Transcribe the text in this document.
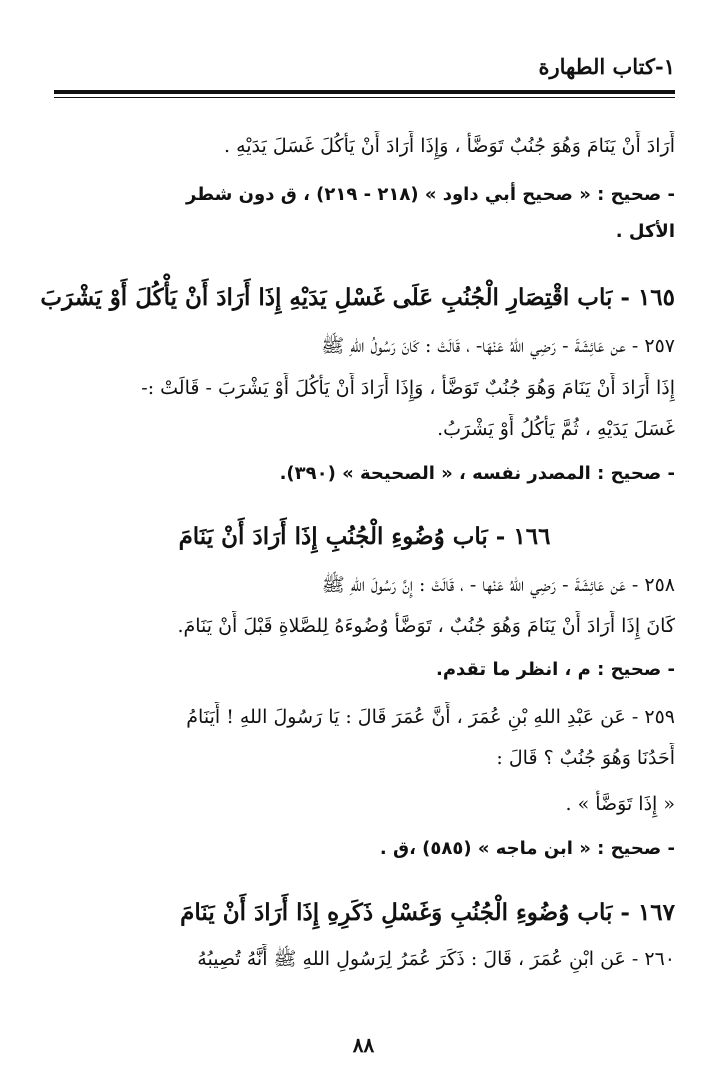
١-كتاب الطهارة
أَرَادَ أَنْ يَنَامَ وَهُوَ جُنُبٌ تَوَضَّأَ ، وَإِذَا أَرَادَ أَنْ يَأْكُلَ غَسَلَ يَدَيْهِ .
- صحيح : « صحيح أبي داود » (٢١٨ - ٢١٩) ، ق دون شطر
الأكل .
١٦٥ - بَاب اقْتِصَارِ الْجُنُبِ عَلَى غَسْلِ يَدَيْهِ إِذَا أَرَادَ أَنْ يَأْكُلَ أَوْ يَشْرَبَ
٢٥٧ - عن عَائِشَةَ - رَضِي اللهُ عَنْهَا- ، قَالَتْ : كَانَ رَسُولُ اللهِ ﷺ
إِذَا أَرَادَ أَنْ يَنَامَ وَهُوَ جُنُبٌ تَوَضَّأَ ، وَإِذَا أَرَادَ أَنْ يَأْكُلَ أَوْ يَشْرَبَ - قَالَتْ :-
غَسَلَ يَدَيْهِ ، ثُمَّ يَأْكُلُ أَوْ يَشْرَبُ.
- صحيح : المصدر نفسه ، « الصحيحة » (٣٩٠).
١٦٦ - بَاب وُضُوءِ الْجُنُبِ إِذَا أَرَادَ أَنْ يَنَامَ
٢٥٨ - عَن عَائِشَةَ - رَضِي اللهُ عَنْها - ، قَالَتْ : إِنَّ رَسُولَ اللهِ ﷺ
كَانَ إِذَا أَرَادَ أَنْ يَنَامَ وَهُوَ جُنُبٌ ، تَوَضَّأَ وُضُوءَهُ لِلصَّلاةِ قَبْلَ أَنْ يَنَامَ.
- صحيح : م ، انظر ما تقدم.
٢٥٩ - عَن عَبْدِ اللهِ بْنِ عُمَرَ ، أَنَّ عُمَرَ قَالَ : يَا رَسُولَ اللهِ ! أَيَنَامُ
أَحَدُنَا وَهُوَ جُنُبٌ ؟ قَالَ :
« إِذَا تَوَضَّأَ » .
- صحيح : « ابن ماجه » (٥٨٥) ،ق .
١٦٧ - بَاب وُضُوءِ الْجُنُبِ وَغَسْلِ ذَكَرِهِ إِذَا أَرَادَ أَنْ يَنَامَ
٢٦٠ - عَن ابْنِ عُمَرَ ، قَالَ : ذَكَرَ عُمَرُ لِرَسُولِ اللهِ ﷺ أَنَّهُ تُصِيبُهُ
٨٨
